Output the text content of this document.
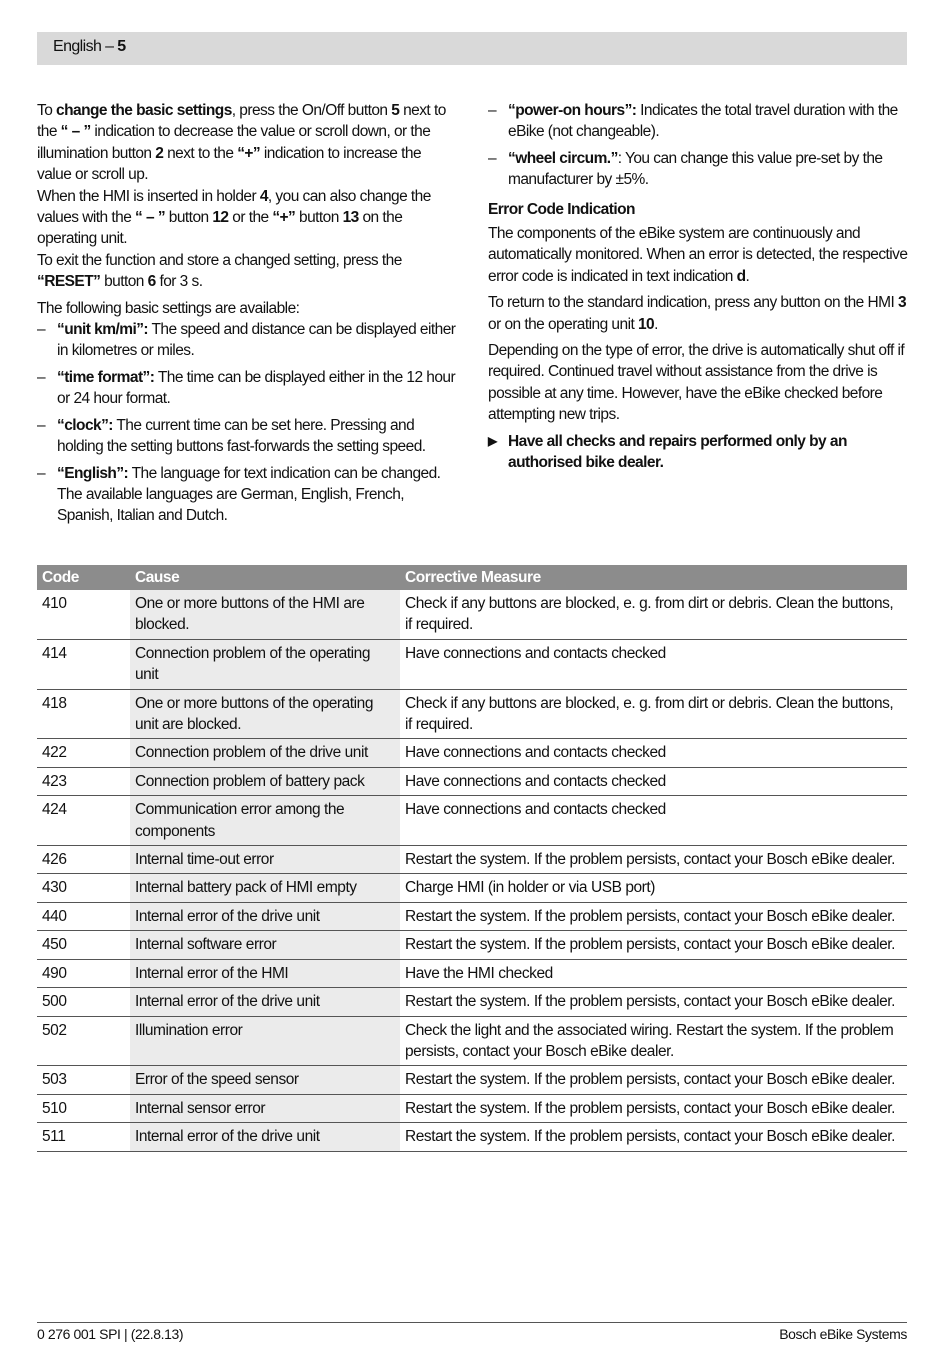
English – 5

To change the basic settings, press the On/Off button 5 next to the “ – ” indication to decrease the value or scroll down, or the illumination button 2 next to the “+” indication to increase the value or scroll up.

When the HMI is inserted in holder 4, you can also change the values with the “ – ” button 12 or the “+” button 13 on the operating unit.

To exit the function and store a changed setting, press the “RESET” button 6 for 3 s.

The following basic settings are available:

– “unit km/mi”: The speed and distance can be displayed either in kilometres or miles.

– “time format”: The time can be displayed either in the 12 hour or 24 hour format.

– “clock”: The current time can be set here. Pressing and holding the setting buttons fast-forwards the setting speed.

– “English”: The language for text indication can be changed. The available languages are German, English, French, Spanish, Italian and Dutch.

– “power-on hours”: Indicates the total travel duration with the eBike (not changeable).

– “wheel circum.”: You can change this value pre-set by the manufacturer by ±5%.

Error Code Indication

The components of the eBike system are continuously and automatically monitored. When an error is detected, the respective error code is indicated in text indication d.

To return to the standard indication, press any button on the HMI 3 or on the operating unit 10.

Depending on the type of error, the drive is automatically shut off if required. Continued travel without assistance from the drive is possible at any time. However, have the eBike checked before attempting new trips.

▶ Have all checks and repairs performed only by an authorised bike dealer.

Code	Cause	Corrective Measure
410	One or more buttons of the HMI are blocked.	Check if any buttons are blocked, e. g. from dirt or debris. Clean the buttons, if required.
414	Connection problem of the operating unit	Have connections and contacts checked
418	One or more buttons of the operating unit are blocked.	Check if any buttons are blocked, e. g. from dirt or debris. Clean the buttons, if required.
422	Connection problem of the drive unit	Have connections and contacts checked
423	Connection problem of battery pack	Have connections and contacts checked
424	Communication error among the components	Have connections and contacts checked
426	Internal time-out error	Restart the system. If the problem persists, contact your Bosch eBike dealer.
430	Internal battery pack of HMI empty	Charge HMI (in holder or via USB port)
440	Internal error of the drive unit	Restart the system. If the problem persists, contact your Bosch eBike dealer.
450	Internal software error	Restart the system. If the problem persists, contact your Bosch eBike dealer.
490	Internal error of the HMI	Have the HMI checked
500	Internal error of the drive unit	Restart the system. If the problem persists, contact your Bosch eBike dealer.
502	Illumination error	Check the light and the associated wiring. Restart the system. If the problem persists, contact your Bosch eBike dealer.
503	Error of the speed sensor	Restart the system. If the problem persists, contact your Bosch eBike dealer.
510	Internal sensor error	Restart the system. If the problem persists, contact your Bosch eBike dealer.
511	Internal error of the drive unit	Restart the system. If the problem persists, contact your Bosch eBike dealer.
0 276 001 SPI | (22.8.13)	Bosch eBike Systems
